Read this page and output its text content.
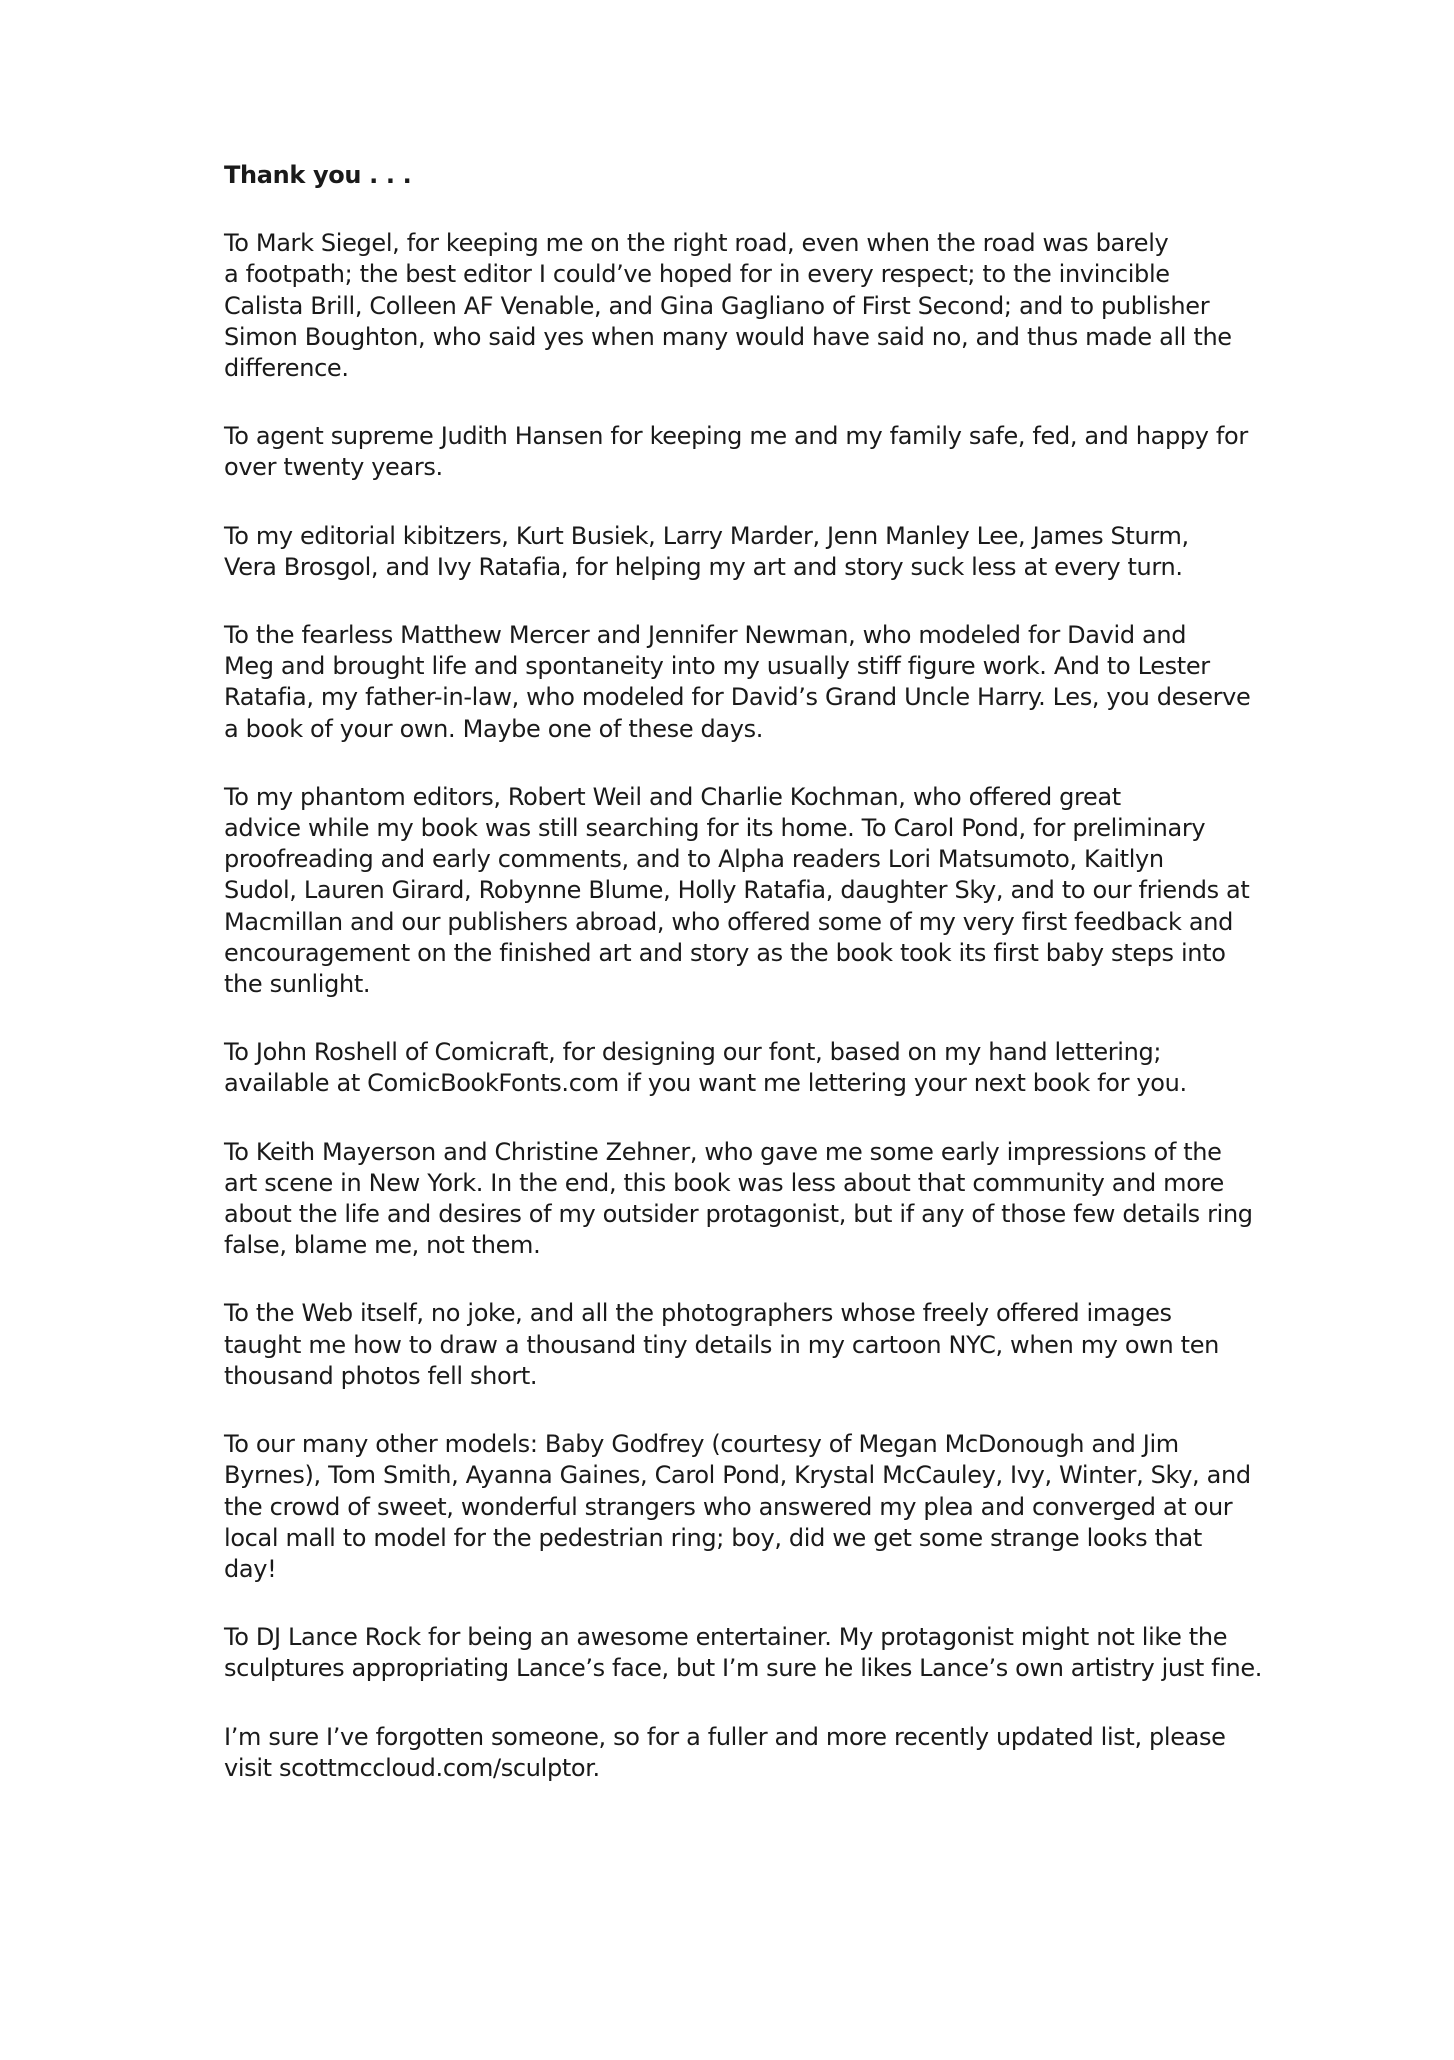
Thank you . . .
To Mark Siegel, for keeping me on the right road, even when the road was barely
a footpath; the best editor I could’ve hoped for in every respect; to the invincible
Calista Brill, Colleen AF Venable, and Gina Gagliano of First Second; and to publisher
Simon Boughton, who said yes when many would have said no, and thus made all the
difference.
To agent supreme Judith Hansen for keeping me and my family safe, fed, and happy for
over twenty years.
To my editorial kibitzers, Kurt Busiek, Larry Marder, Jenn Manley Lee, James Sturm,
Vera Brosgol, and Ivy Ratafia, for helping my art and story suck less at every turn.
To the fearless Matthew Mercer and Jennifer Newman, who modeled for David and
Meg and brought life and spontaneity into my usually stiff figure work. And to Lester
Ratafia, my father-in-law, who modeled for David’s Grand Uncle Harry. Les, you deserve
a book of your own. Maybe one of these days.
To my phantom editors, Robert Weil and Charlie Kochman, who offered great
advice while my book was still searching for its home. To Carol Pond, for preliminary
proofreading and early comments, and to Alpha readers Lori Matsumoto, Kaitlyn
Sudol, Lauren Girard, Robynne Blume, Holly Ratafia, daughter Sky, and to our friends at
Macmillan and our publishers abroad, who offered some of my very first feedback and
encouragement on the finished art and story as the book took its first baby steps into
the sunlight.
To John Roshell of Comicraft, for designing our font, based on my hand lettering;
available at ComicBookFonts.com if you want me lettering your next book for you.
To Keith Mayerson and Christine Zehner, who gave me some early impressions of the
art scene in New York. In the end, this book was less about that community and more
about the life and desires of my outsider protagonist, but if any of those few details ring
false, blame me, not them.
To the Web itself, no joke, and all the photographers whose freely offered images
taught me how to draw a thousand tiny details in my cartoon NYC, when my own ten
thousand photos fell short.
To our many other models: Baby Godfrey (courtesy of Megan McDonough and Jim
Byrnes), Tom Smith, Ayanna Gaines, Carol Pond, Krystal McCauley, Ivy, Winter, Sky, and
the crowd of sweet, wonderful strangers who answered my plea and converged at our
local mall to model for the pedestrian ring; boy, did we get some strange looks that
day!
To DJ Lance Rock for being an awesome entertainer. My protagonist might not like the
sculptures appropriating Lance’s face, but I’m sure he likes Lance’s own artistry just fine.
I’m sure I’ve forgotten someone, so for a fuller and more recently updated list, please
visit scottmccloud.com/sculptor.
